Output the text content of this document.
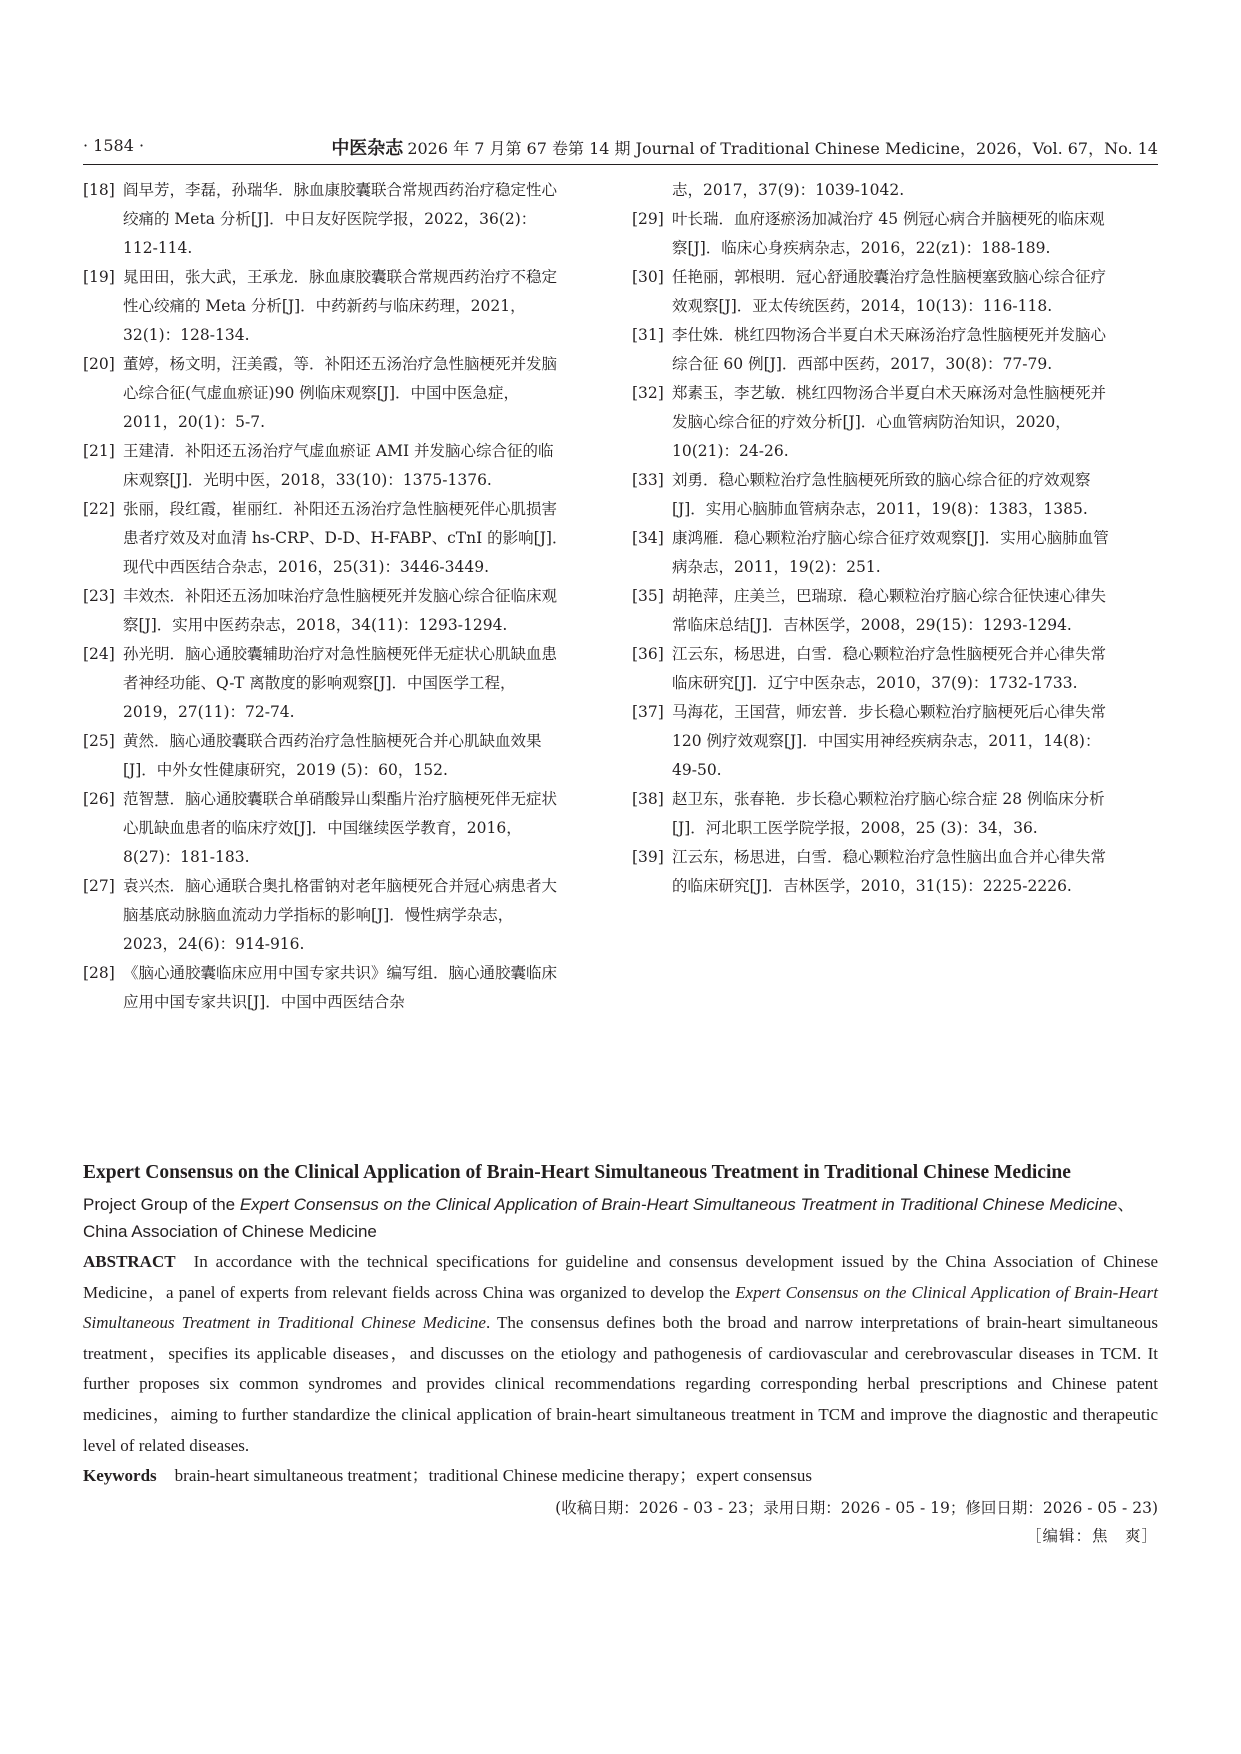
· 1584 ·	中医杂志 2026 年 7 月第 67 卷第 14 期 Journal of Traditional Chinese Medicine，2026，Vol. 67，No. 14

[18] 阎早芳，李磊，孙瑞华．脉血康胶囊联合常规西药治疗稳定性心绞痛的 Meta 分析[J]．中日友好医院学报，2022，36(2)：112-114.

[19] 晁田田，张大武，王承龙．脉血康胶囊联合常规西药治疗不稳定性心绞痛的 Meta 分析[J]．中药新药与临床药理，2021，32(1)：128-134.

[20] 董婷，杨文明，汪美霞，等．补阳还五汤治疗急性脑梗死并发脑心综合征(气虚血瘀证)90 例临床观察[J]．中国中医急症，2011，20(1)：5-7.

[21] 王建清．补阳还五汤治疗气虚血瘀证 AMI 并发脑心综合征的临床观察[J]．光明中医，2018，33(10)：1375-1376.

[22] 张丽，段红霞，崔丽红．补阳还五汤治疗急性脑梗死伴心肌损害患者疗效及对血清 hs-CRP、D-D、H-FABP、cTnI 的影响[J]．现代中西医结合杂志，2016，25(31)：3446-3449.

[23] 丰效杰．补阳还五汤加味治疗急性脑梗死并发脑心综合征临床观察[J]．实用中医药杂志，2018，34(11)：1293-1294.

[24] 孙光明．脑心通胶囊辅助治疗对急性脑梗死伴无症状心肌缺血患者神经功能、Q-T 离散度的影响观察[J]．中国医学工程，2019，27(11)：72-74.

[25] 黄然．脑心通胶囊联合西药治疗急性脑梗死合并心肌缺血效果[J]．中外女性健康研究，2019 (5)：60，152.

[26] 范智慧．脑心通胶囊联合单硝酸异山梨酯片治疗脑梗死伴无症状心肌缺血患者的临床疗效[J]．中国继续医学教育，2016，8(27)：181-183.

[27] 袁兴杰．脑心通联合奥扎格雷钠对老年脑梗死合并冠心病患者大脑基底动脉脑血流动力学指标的影响[J]．慢性病学杂志，2023，24(6)：914-916.

[28] 《脑心通胶囊临床应用中国专家共识》编写组．脑心通胶囊临床应用中国专家共识[J]．中国中西医结合杂

志，2017，37(9)：1039-1042.

[29] 叶长瑞．血府逐瘀汤加减治疗 45 例冠心病合并脑梗死的临床观察[J]．临床心身疾病杂志，2016，22(z1)：188-189.

[30] 任艳丽，郭根明．冠心舒通胶囊治疗急性脑梗塞致脑心综合征疗效观察[J]．亚太传统医药，2014，10(13)：116-118.

[31] 李仕姝．桃红四物汤合半夏白术天麻汤治疗急性脑梗死并发脑心综合征 60 例[J]．西部中医药，2017，30(8)：77-79.

[32] 郑素玉，李艺敏．桃红四物汤合半夏白术天麻汤对急性脑梗死并发脑心综合征的疗效分析[J]．心血管病防治知识，2020，10(21)：24-26.

[33] 刘勇．稳心颗粒治疗急性脑梗死所致的脑心综合征的疗效观察[J]．实用心脑肺血管病杂志，2011，19(8)：1383，1385.

[34] 康鸿雁．稳心颗粒治疗脑心综合征疗效观察[J]．实用心脑肺血管病杂志，2011，19(2)：251.

[35] 胡艳萍，庄美兰，巴瑞琼．稳心颗粒治疗脑心综合征快速心律失常临床总结[J]．吉林医学，2008，29(15)：1293-1294.

[36] 江云东，杨思进，白雪．稳心颗粒治疗急性脑梗死合并心律失常临床研究[J]．辽宁中医杂志，2010，37(9)：1732-1733.

[37] 马海花，王国营，师宏普．步长稳心颗粒治疗脑梗死后心律失常 120 例疗效观察[J]．中国实用神经疾病杂志，2011，14(8)：49-50.

[38] 赵卫东，张春艳．步长稳心颗粒治疗脑心综合症 28 例临床分析[J]．河北职工医学院学报，2008，25 (3)：34，36.

[39] 江云东，杨思进，白雪．稳心颗粒治疗急性脑出血合并心律失常的临床研究[J]．吉林医学，2010，31(15)：2225-2226.

Expert Consensus on the Clinical Application of Brain-Heart Simultaneous Treatment in Traditional Chinese Medicine

Project Group of the Expert Consensus on the Clinical Application of Brain-Heart Simultaneous Treatment in Traditional Chinese Medicine、China Association of Chinese Medicine

ABSTRACT In accordance with the technical specifications for guideline and consensus development issued by the China Association of Chinese Medicine，a panel of experts from relevant fields across China was organized to develop the Expert Consensus on the Clinical Application of Brain-Heart Simultaneous Treatment in Traditional Chinese Medicine. The consensus defines both the broad and narrow interpretations of brain-heart simultaneous treatment，specifies its applicable diseases，and discusses on the etiology and pathogenesis of cardiovascular and cerebrovascular diseases in TCM. It further proposes six common syndromes and provides clinical recommendations regarding corresponding herbal prescriptions and Chinese patent medicines，aiming to further standardize the clinical application of brain-heart simultaneous treatment in TCM and improve the diagnostic and therapeutic level of related diseases.

Keywords brain-heart simultaneous treatment；traditional Chinese medicine therapy；expert consensus

(收稿日期：2026 - 03 - 23；录用日期：2026 - 05 - 19；修回日期：2026 - 05 - 23)

［编辑：焦　爽］
